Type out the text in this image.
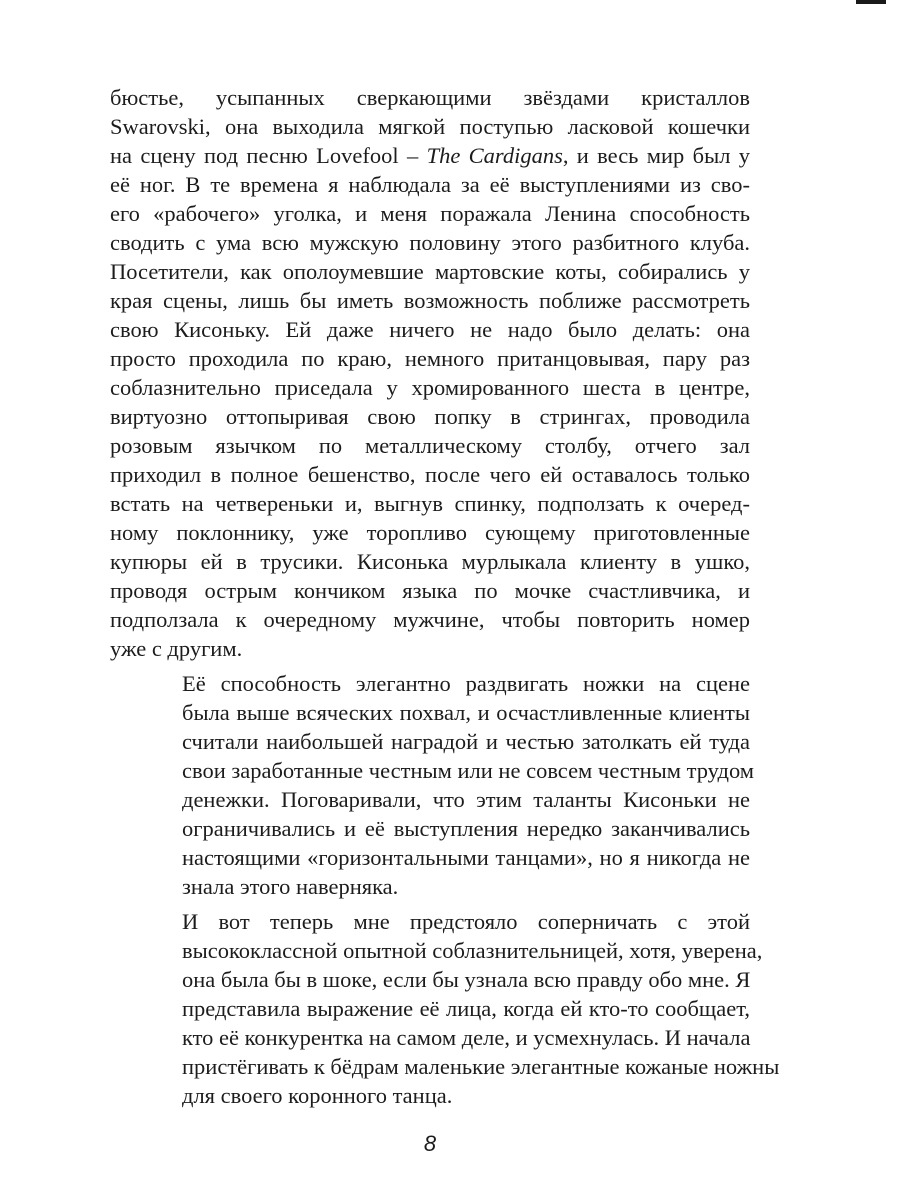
бюстье, усыпанных сверкающими звёздами кристаллов
Swarovski, она выходила мягкой поступью ласковой кошечки
на сцену под песню Lovefool – The Cardigans, и весь мир был у
её ног. В те времена я наблюдала за её выступлениями из сво-
его «рабочего» уголка, и меня поражала Ленина способность
сводить с ума всю мужскую половину этого разбитного клуба.
Посетители, как ополоумевшие мартовские коты, собирались у
края сцены, лишь бы иметь возможность поближе рассмотреть
свою Кисоньку. Ей даже ничего не надо было делать: она
просто проходила по краю, немного пританцовывая, пару раз
соблазнительно приседала у хромированного шеста в центре,
виртуозно оттопыривая свою попку в стрингах, проводила
розовым язычком по металлическому столбу, отчего зал
приходил в полное бешенство, после чего ей оставалось только
встать на четвереньки и, выгнув спинку, подползать к очеред-
ному поклоннику, уже торопливо сующему приготовленные
купюры ей в трусики. Кисонька мурлыкала клиенту в ушко,
проводя острым кончиком языка по мочке счастливчика, и
подползала к очередному мужчине, чтобы повторить номер
уже с другим.

Её способность элегантно раздвигать ножки на сцене
была выше всяческих похвал, и осчастливленные клиенты
считали наибольшей наградой и честью затолкать ей туда
свои заработанные честным или не совсем честным трудом
денежки. Поговаривали, что этим таланты Кисоньки не
ограничивались и её выступления нередко заканчивались
настоящими «горизонтальными танцами», но я никогда не
знала этого наверняка.

И вот теперь мне предстояло соперничать с этой
высококлассной опытной соблазнительницей, хотя, уверена,
она была бы в шоке, если бы узнала всю правду обо мне. Я
представила выражение её лица, когда ей кто-то сообщает,
кто её конкурентка на самом деле, и усмехнулась. И начала
пристёгивать к бёдрам маленькие элегантные кожаные ножны
для своего коронного танца.

8
